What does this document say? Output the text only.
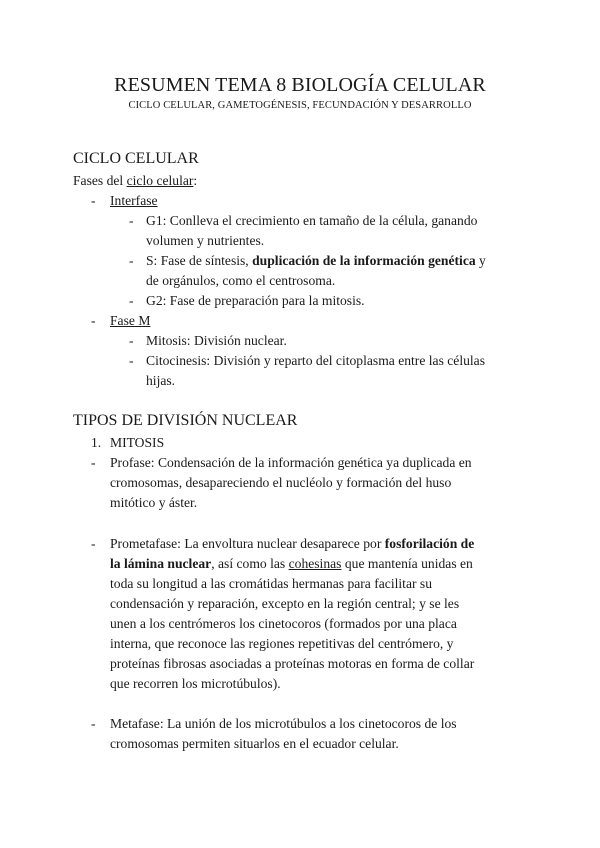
RESUMEN TEMA 8 BIOLOGÍA CELULAR
CICLO CELULAR, GAMETOGÉNESIS, FECUNDACIÓN Y DESARROLLO
CICLO CELULAR
Fases del ciclo celular:
- Interfase
- G1: Conlleva el crecimiento en tamaño de la célula, ganando
volumen y nutrientes.
- S: Fase de síntesis, duplicación de la información genética y
de orgánulos, como el centrosoma.
- G2: Fase de preparación para la mitosis.
- Fase M
- Mitosis: División nuclear.
- Citocinesis: División y reparto del citoplasma entre las células
hijas.
TIPOS DE DIVISIÓN NUCLEAR
1. MITOSIS
- Profase: Condensación de la información genética ya duplicada en
cromosomas, desapareciendo el nucléolo y formación del huso
mitótico y áster.
- Prometafase: La envoltura nuclear desaparece por fosforilación de
la lámina nuclear, así como las cohesinas que mantenía unidas en
toda su longitud a las cromátidas hermanas para facilitar su
condensación y reparación, excepto en la región central; y se les
unen a los centrómeros los cinetocoros (formados por una placa
interna, que reconoce las regiones repetitivas del centrómero, y
proteínas fibrosas asociadas a proteínas motoras en forma de collar
que recorren los microtúbulos).
- Metafase: La unión de los microtúbulos a los cinetocoros de los
cromosomas permiten situarlos en el ecuador celular.
